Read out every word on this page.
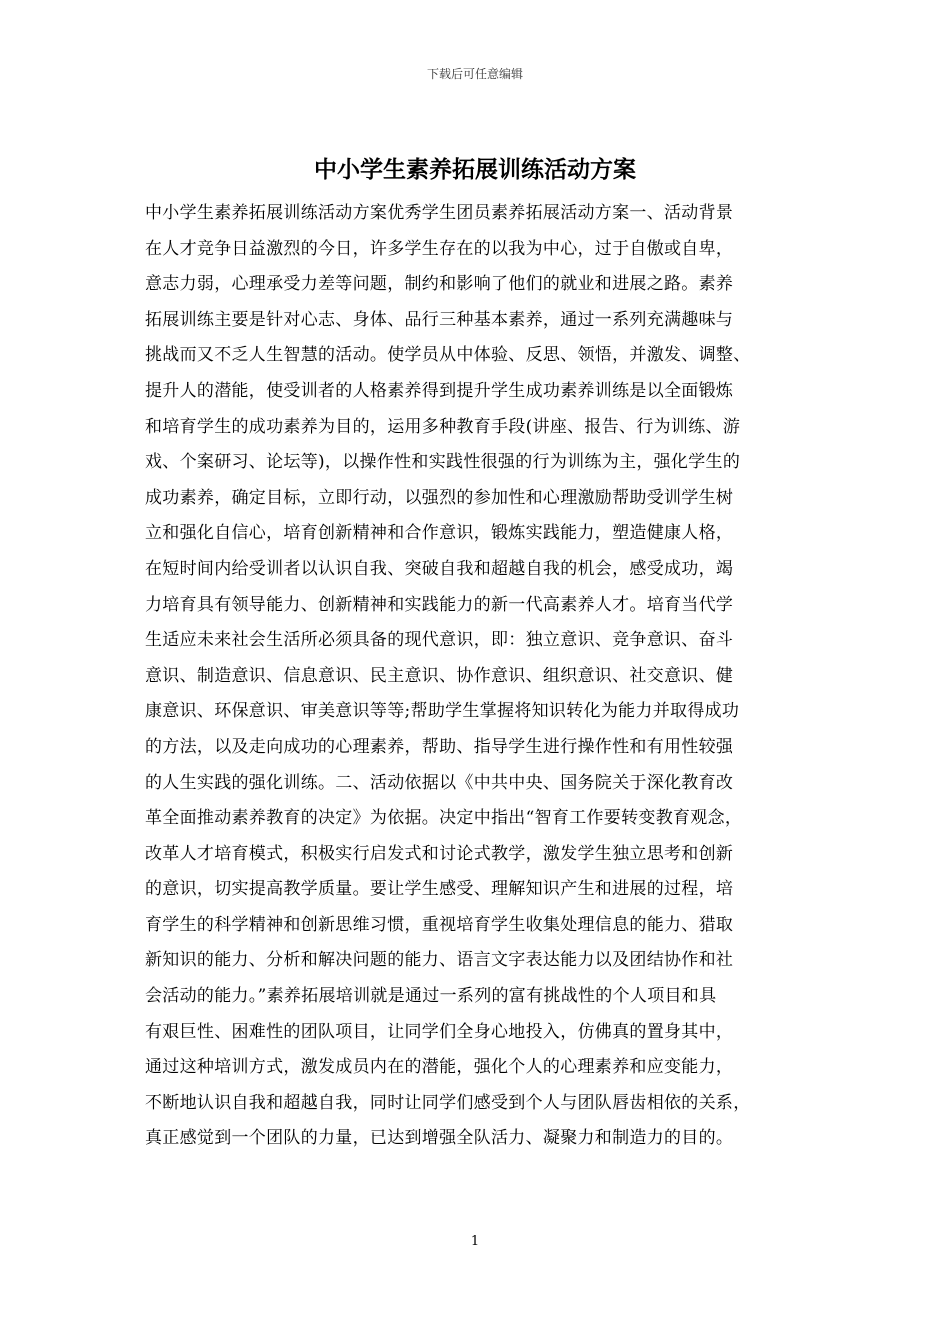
下载后可任意编辑
中小学生素养拓展训练活动方案
中小学生素养拓展训练活动方案优秀学生团员素养拓展活动方案一、活动背景
在人才竞争日益激烈的今日，许多学生存在的以我为中心，过于自傲或自卑，
意志力弱，心理承受力差等问题，制约和影响了他们的就业和进展之路。素养
拓展训练主要是针对心志、身体、品行三种基本素养，通过一系列充满趣味与
挑战而又不乏人生智慧的活动。使学员从中体验、反思、领悟，并激发、调整、
提升人的潜能，使受训者的人格素养得到提升学生成功素养训练是以全面锻炼
和培育学生的成功素养为目的，运用多种教育手段(讲座、报告、行为训练、游
戏、个案研习、论坛等)，以操作性和实践性很强的行为训练为主，强化学生的
成功素养，确定目标，立即行动，以强烈的参加性和心理激励帮助受训学生树
立和强化自信心，培育创新精神和合作意识，锻炼实践能力，塑造健康人格，
在短时间内给受训者以认识自我、突破自我和超越自我的机会，感受成功，竭
力培育具有领导能力、创新精神和实践能力的新一代高素养人才。培育当代学
生适应未来社会生活所必须具备的现代意识，即：独立意识、竞争意识、奋斗
意识、制造意识、信息意识、民主意识、协作意识、组织意识、社交意识、健
康意识、环保意识、审美意识等等;帮助学生掌握将知识转化为能力并取得成功
的方法，以及走向成功的心理素养，帮助、指导学生进行操作性和有用性较强
的人生实践的强化训练。二、活动依据以《中共中央、国务院关于深化教育改
革全面推动素养教育的决定》为依据。决定中指出“智育工作要转变教育观念，
改革人才培育模式，积极实行启发式和讨论式教学，激发学生独立思考和创新
的意识，切实提高教学质量。要让学生感受、理解知识产生和进展的过程，培
育学生的科学精神和创新思维习惯，重视培育学生收集处理信息的能力、猎取
新知识的能力、分析和解决问题的能力、语言文字表达能力以及团结协作和社
会活动的能力。”素养拓展培训就是通过一系列的富有挑战性的个人项目和具
有艰巨性、困难性的团队项目，让同学们全身心地投入，仿佛真的置身其中，
通过这种培训方式，激发成员内在的潜能，强化个人的心理素养和应变能力，
不断地认识自我和超越自我，同时让同学们感受到个人与团队唇齿相依的关系，
真正感觉到一个团队的力量，已达到增强全队活力、凝聚力和制造力的目的。
1
